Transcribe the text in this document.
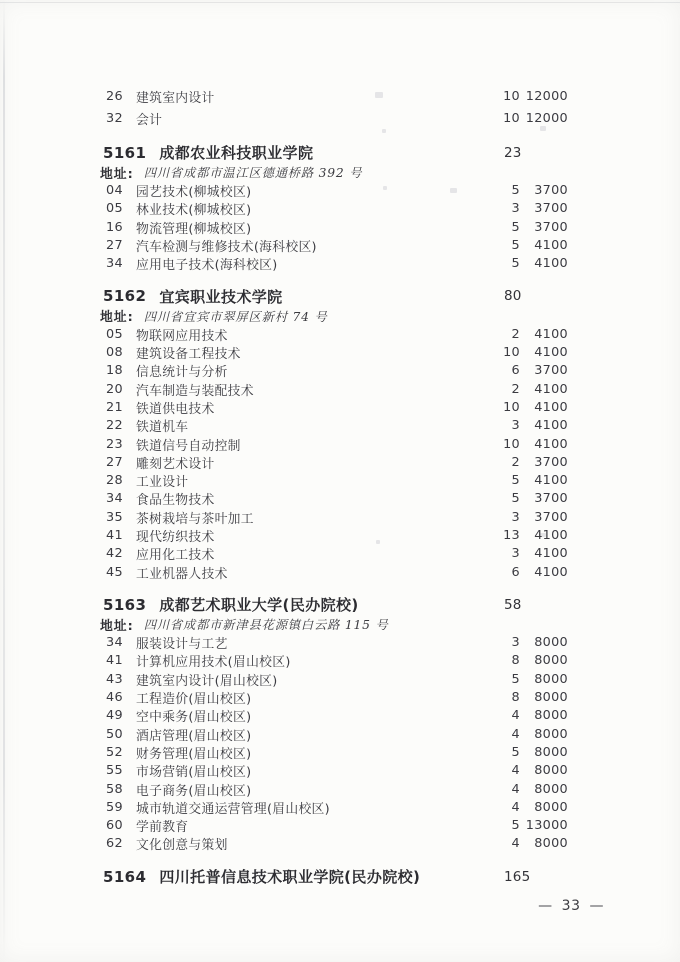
26	建筑室内设计	10 12000
32	会计	10 12000
5161 成都农业科技职业学院	23
地址: 四川省成都市温江区德通桥路 392 号
04	园艺技术(柳城校区)	5	3700
05	林业技术(柳城校区)	3	3700
16	物流管理(柳城校区)	5	3700
27	汽车检测与维修技术(海科校区)	5	4100
34	应用电子技术(海科校区)	5	4100
5162 宜宾职业技术学院	80
地址: 四川省宜宾市翠屏区新村 74 号
05	物联网应用技术	2	4100
08	建筑设备工程技术	10	4100
18	信息统计与分析	6	3700
20	汽车制造与装配技术	2	4100
21	铁道供电技术	10	4100
22	铁道机车	3	4100
23	铁道信号自动控制	10	4100
27	雕刻艺术设计	2	3700
28	工业设计	5	4100
34	食品生物技术	5	3700
35	茶树栽培与茶叶加工	3	3700
41	现代纺织技术	13	4100
42	应用化工技术	3	4100
45	工业机器人技术	6	4100
5163 成都艺术职业大学(民办院校)	58
地址: 四川省成都市新津县花源镇白云路 115 号
34	服装设计与工艺	3	8000
41	计算机应用技术(眉山校区)	8	8000
43	建筑室内设计(眉山校区)	5	8000
46	工程造价(眉山校区)	8	8000
49	空中乘务(眉山校区)	4	8000
50	酒店管理(眉山校区)	4	8000
52	财务管理(眉山校区)	5	8000
55	市场营销(眉山校区)	4	8000
58	电子商务(眉山校区)	4	8000
59	城市轨道交通运营管理(眉山校区)	4	8000
60	学前教育	5 13000
62	文化创意与策划	4	8000
5164 四川托普信息技术职业学院(民办院校)	165
— 33 —
